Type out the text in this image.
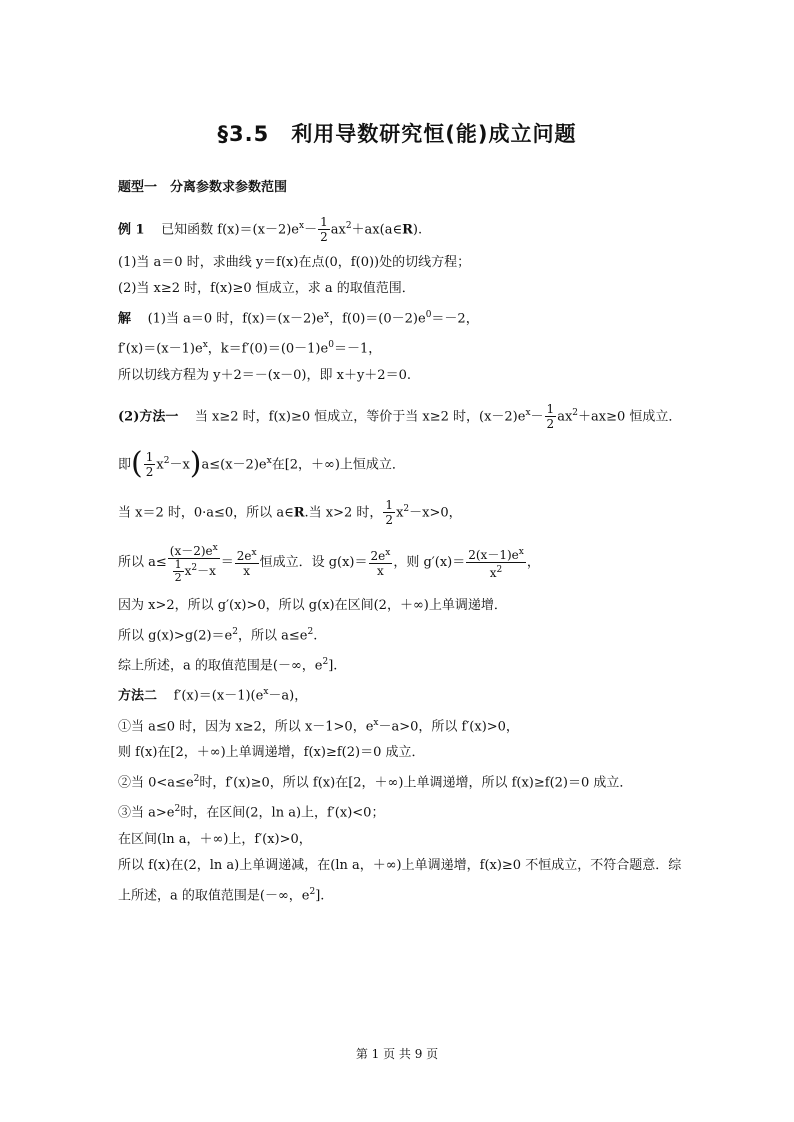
§3.5　利用导数研究恒(能)成立问题
题型一　分离参数求参数范围
例 1 已知函数 $f(x)=(x-2)e^x- \frac{1}{2}$ $ax^2+ax(a\in R)$.
(1)当 a＝0 时，求曲线 y＝f(x)在点(0，f(0))处的切线方程；
(2)当 x≥2 时，f(x)≥0 恒成立，求 a 的取值范围．
解 (1)当 a＝0 时，$f(x)=(x-2)e^x$，$f(0)=(0-2)e^0=-2$，
$f'(x)=(x-1)e^x$，$k=f'(0)=(0-1)e^0=-1$，
所以切线方程为 y＋2＝－(x－0)，即 x＋y＋2＝0.
(2)方法一 当 x≥2 时，f(x)≥0 恒成立，等价于当 x≥2 时，$(x-2)e^x- \frac{1}{2} ax^2+ax\ge 0$ 恒成立．
即( $\frac{1}{2} x^2-x)a\le(x-2)e^x$在[2，＋∞)上恒成立．
当 x＝2 时，0·a≤0，所以 a∈R.当 x>2 时， $\frac{1}{2} x^2-x>0$，
所以 $a\le \frac{(x-2)e^x}{\frac{1}{2} x^2-x} = \frac{2e^x}{x}$ 恒成立．设 $g(x)= \frac{2e^x}{x}$ ，则 $g'(x)= \frac{2(x-1)e^x}{x^2}$ ，
因为 x>2，所以 g′(x)>0，所以 g(x)在区间(2，＋∞)上单调递增．
所以 $g(x)>g(2)=e^2$，所以 $a\le e^2$.
综上所述，a 的取值范围是(－∞，$e^2$].
方法二 $f'(x)=(x-1)(e^x-a)$，
①当 a≤0 时，因为 x≥2，所以 x－1>0，$e^x-a>0$，所以 f′(x)>0，
则 f(x)在[2，＋∞)上单调递增，f(x)≥f(2)＝0 成立．
②当 $0<a\le e^2$时，f′(x)≥0，所以 f(x)在[2，＋∞)上单调递增，所以 f(x)≥f(2)＝0 成立．
③当 $a>e^2$时，在区间(2，ln a)上，f′(x)<0；
在区间(ln a，＋∞)上，f′(x)>0，
所以 f(x)在(2，ln a)上单调递减，在(ln a，＋∞)上单调递增，f(x)≥0 不恒成立，不符合题意．综
上所述，a 的取值范围是(－∞，$e^2$].
第 1 页 共 9 页
